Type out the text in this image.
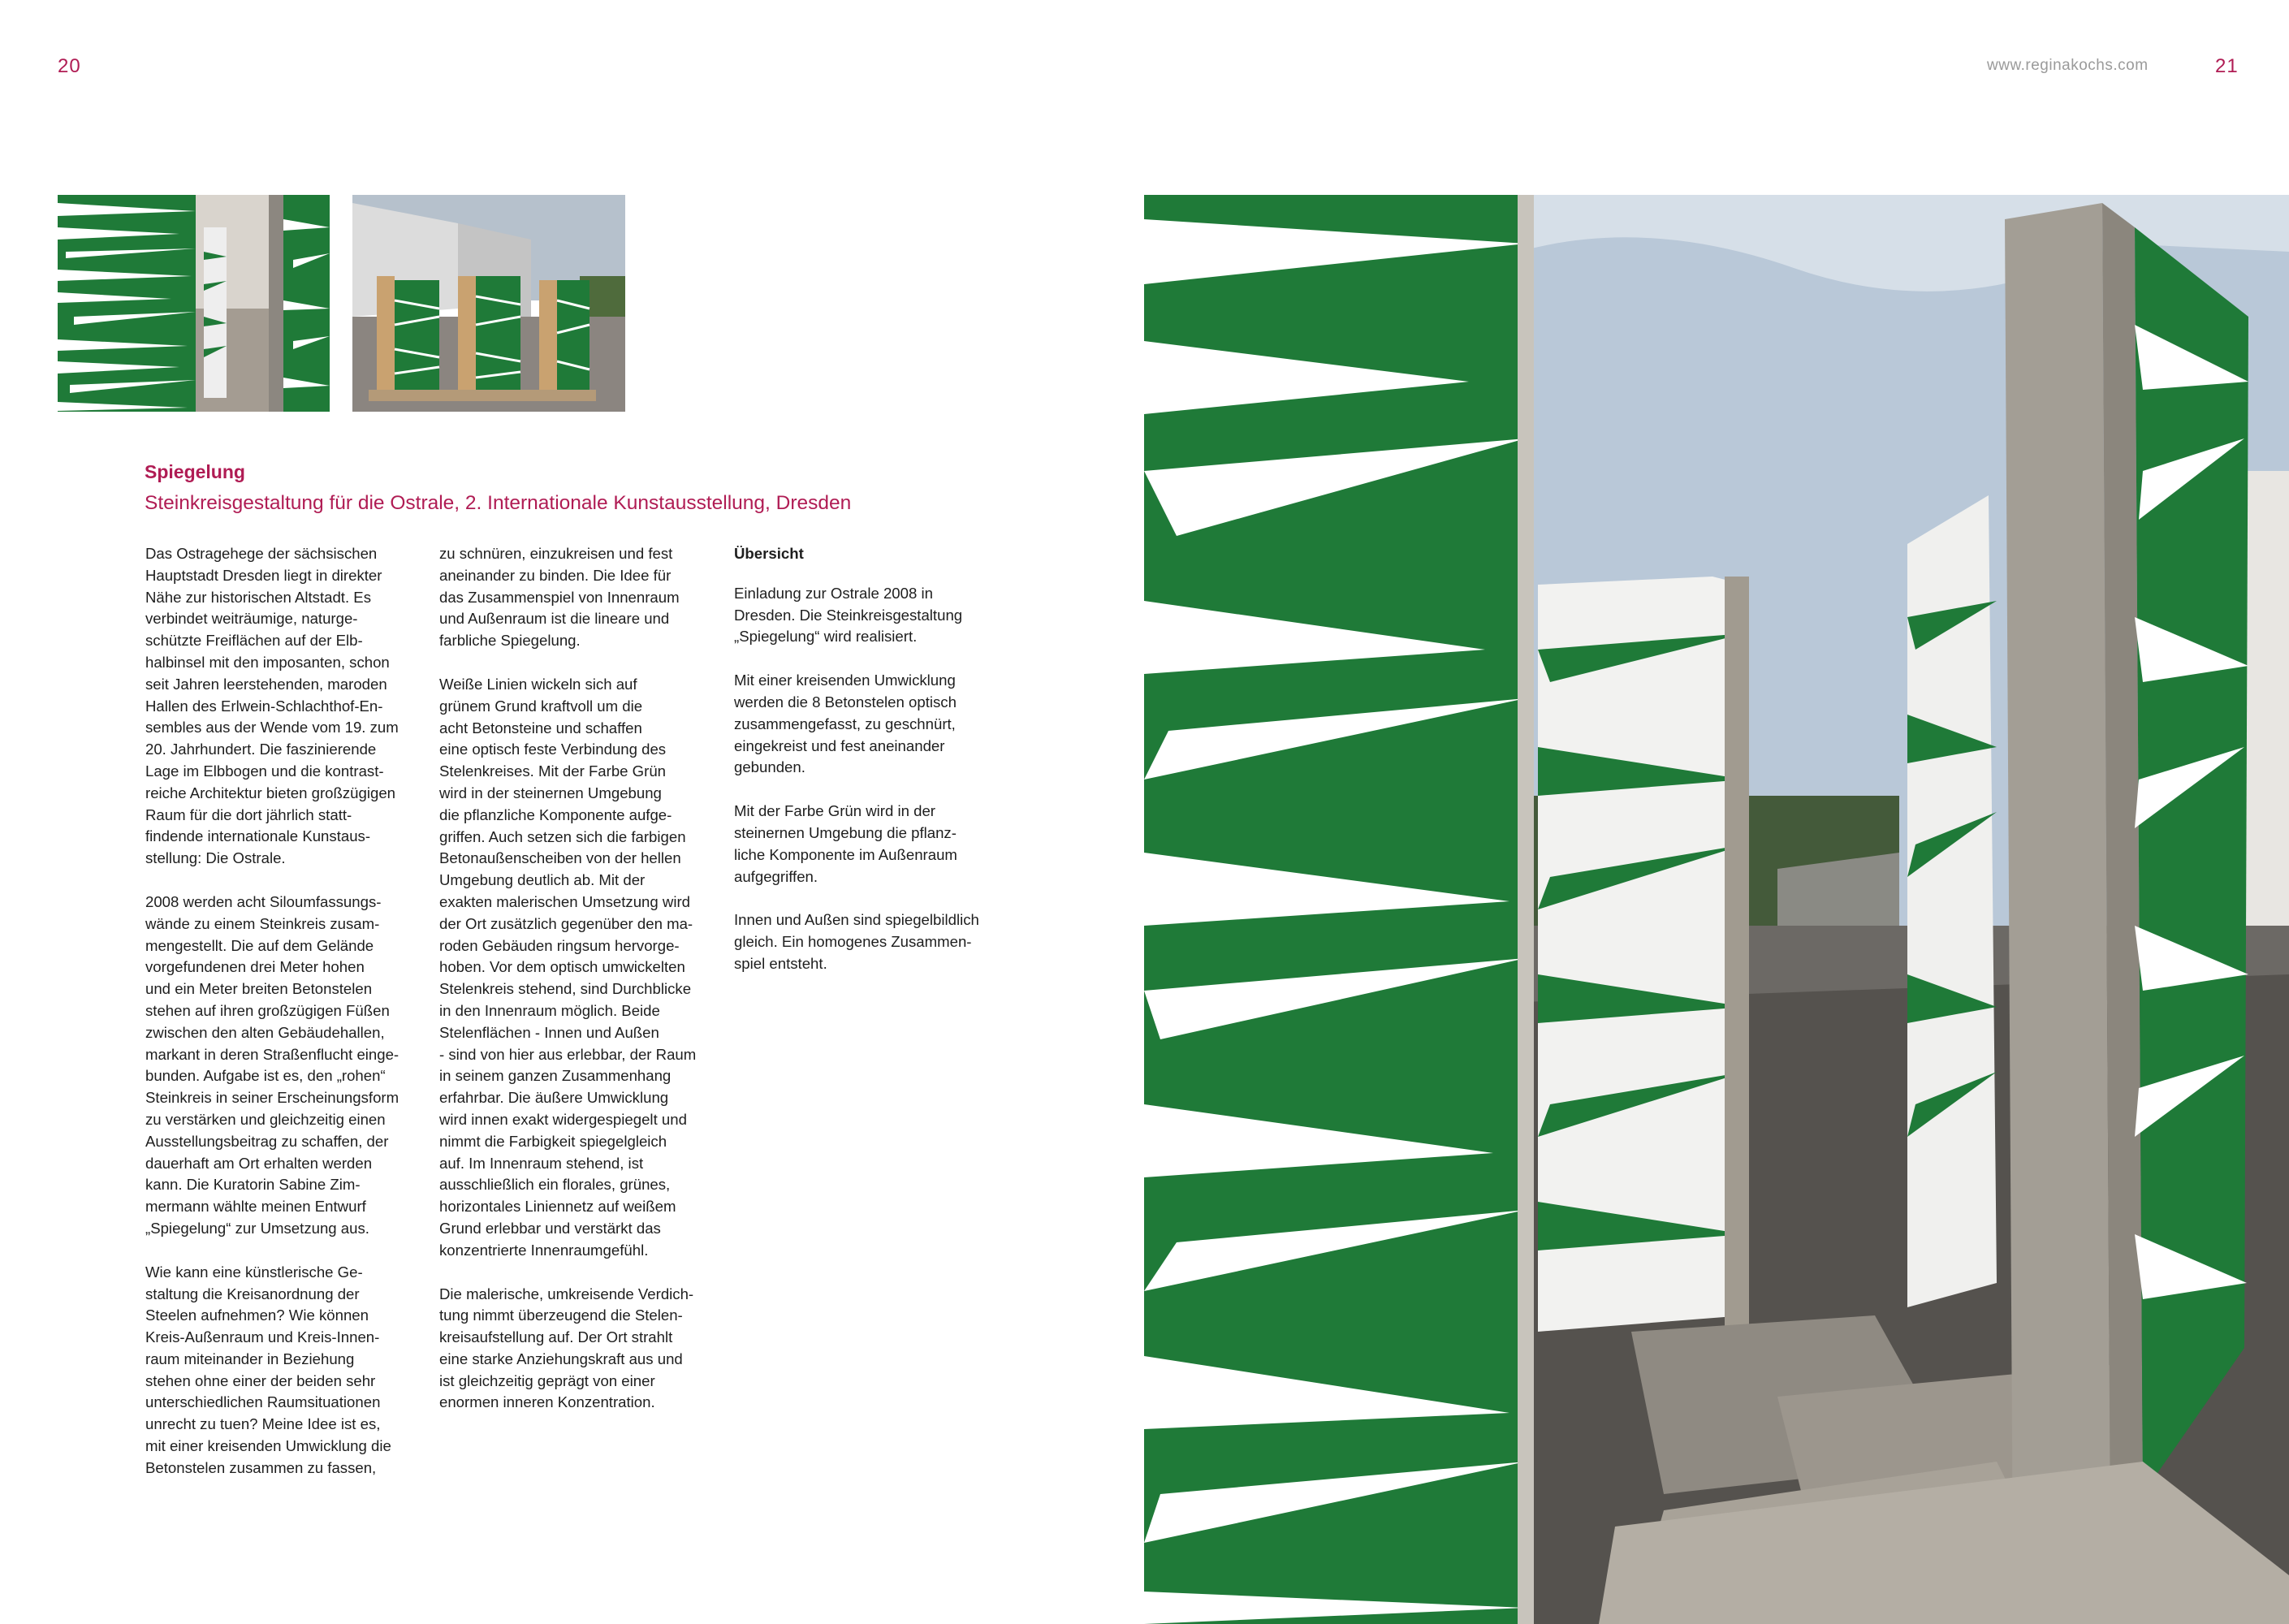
20	www.reginakochs.com	21
Spiegelung
Steinkreisgestaltung für die Ostrale, 2. Internationale Kunstausstellung, Dresden

Das Ostragehege der sächsischen
Hauptstadt Dresden liegt in direkter
Nähe zur historischen Altstadt. Es
verbindet weiträumige, naturge-
schützte Freiflächen auf der Elb-
halbinsel mit den imposanten, schon
seit Jahren leerstehenden, maroden
Hallen des Erlwein-Schlachthof-En-
sembles aus der Wende vom 19. zum
20. Jahrhundert. Die faszinierende
Lage im Elbbogen und die kontrast-
reiche Architektur bieten großzügigen
Raum für die dort jährlich statt-
findende internationale Kunstaus-
stellung: Die Ostrale.

2008 werden acht Siloumfassungs-
wände zu einem Steinkreis zusam-
mengestellt. Die auf dem Gelände
vorgefundenen drei Meter hohen
und ein Meter breiten Betonstelen
stehen auf ihren großzügigen Füßen
zwischen den alten Gebäudehallen,
markant in deren Straßenflucht einge-
bunden. Aufgabe ist es, den „rohen“
Steinkreis in seiner Erscheinungsform
zu verstärken und gleichzeitig einen
Ausstellungsbeitrag zu schaffen, der
dauerhaft am Ort erhalten werden
kann. Die Kuratorin Sabine Zim-
mermann wählte meinen Entwurf
„Spiegelung“ zur Umsetzung aus.

Wie kann eine künstlerische Ge-
staltung die Kreisanordnung der
Steelen aufnehmen? Wie können
Kreis-Außenraum und Kreis-Innen-
raum miteinander in Beziehung
stehen ohne einer der beiden sehr
unterschiedlichen Raumsituationen
unrecht zu tuen? Meine Idee ist es,
mit einer kreisenden Umwicklung die
Betonstelen zusammen zu fassen,

zu schnüren, einzukreisen und fest
aneinander zu binden. Die Idee für
das Zusammenspiel von Innenraum
und Außenraum ist die lineare und
farbliche Spiegelung.

Weiße Linien wickeln sich auf
grünem Grund kraftvoll um die
acht Betonsteine und schaffen
eine optisch feste Verbindung des
Stelenkreises. Mit der Farbe Grün
wird in der steinernen Umgebung
die pflanzliche Komponente aufge-
griffen. Auch setzen sich die farbigen
Betonaußenscheiben von der hellen
Umgebung deutlich ab. Mit der
exakten malerischen Umsetzung wird
der Ort zusätzlich gegenüber den ma-
roden Gebäuden ringsum hervorge-
hoben. Vor dem optisch umwickelten
Stelenkreis stehend, sind Durchblicke
in den Innenraum möglich. Beide
Stelenflächen - Innen und Außen
- sind von hier aus erlebbar, der Raum
in seinem ganzen Zusammenhang
erfahrbar. Die äußere Umwicklung
wird innen exakt widergespiegelt und
nimmt die Farbigkeit spiegelgleich
auf. Im Innenraum stehend, ist
ausschließlich ein florales, grünes,
horizontales Liniennetz auf weißem
Grund erlebbar und verstärkt das
konzentrierte Innenraumgefühl.

Die malerische, umkreisende Verdich-
tung nimmt überzeugend die Stelen-
kreisaufstellung auf. Der Ort strahlt
eine starke Anziehungskraft aus und
ist gleichzeitig geprägt von einer
enormen inneren Konzentration.

Übersicht

Einladung zur Ostrale 2008 in
Dresden. Die Steinkreisgestaltung
„Spiegelung“ wird realisiert.

Mit einer kreisenden Umwicklung
werden die 8 Betonstelen optisch
zusammengefasst, zu geschnürt,
eingekreist und fest aneinander
gebunden.

Mit der Farbe Grün wird in der
steinernen Umgebung die pflanz-
liche Komponente im Außenraum
aufgegriffen.

Innen und Außen sind spiegelbildlich
gleich. Ein homogenes Zusammen-
spiel entsteht.
